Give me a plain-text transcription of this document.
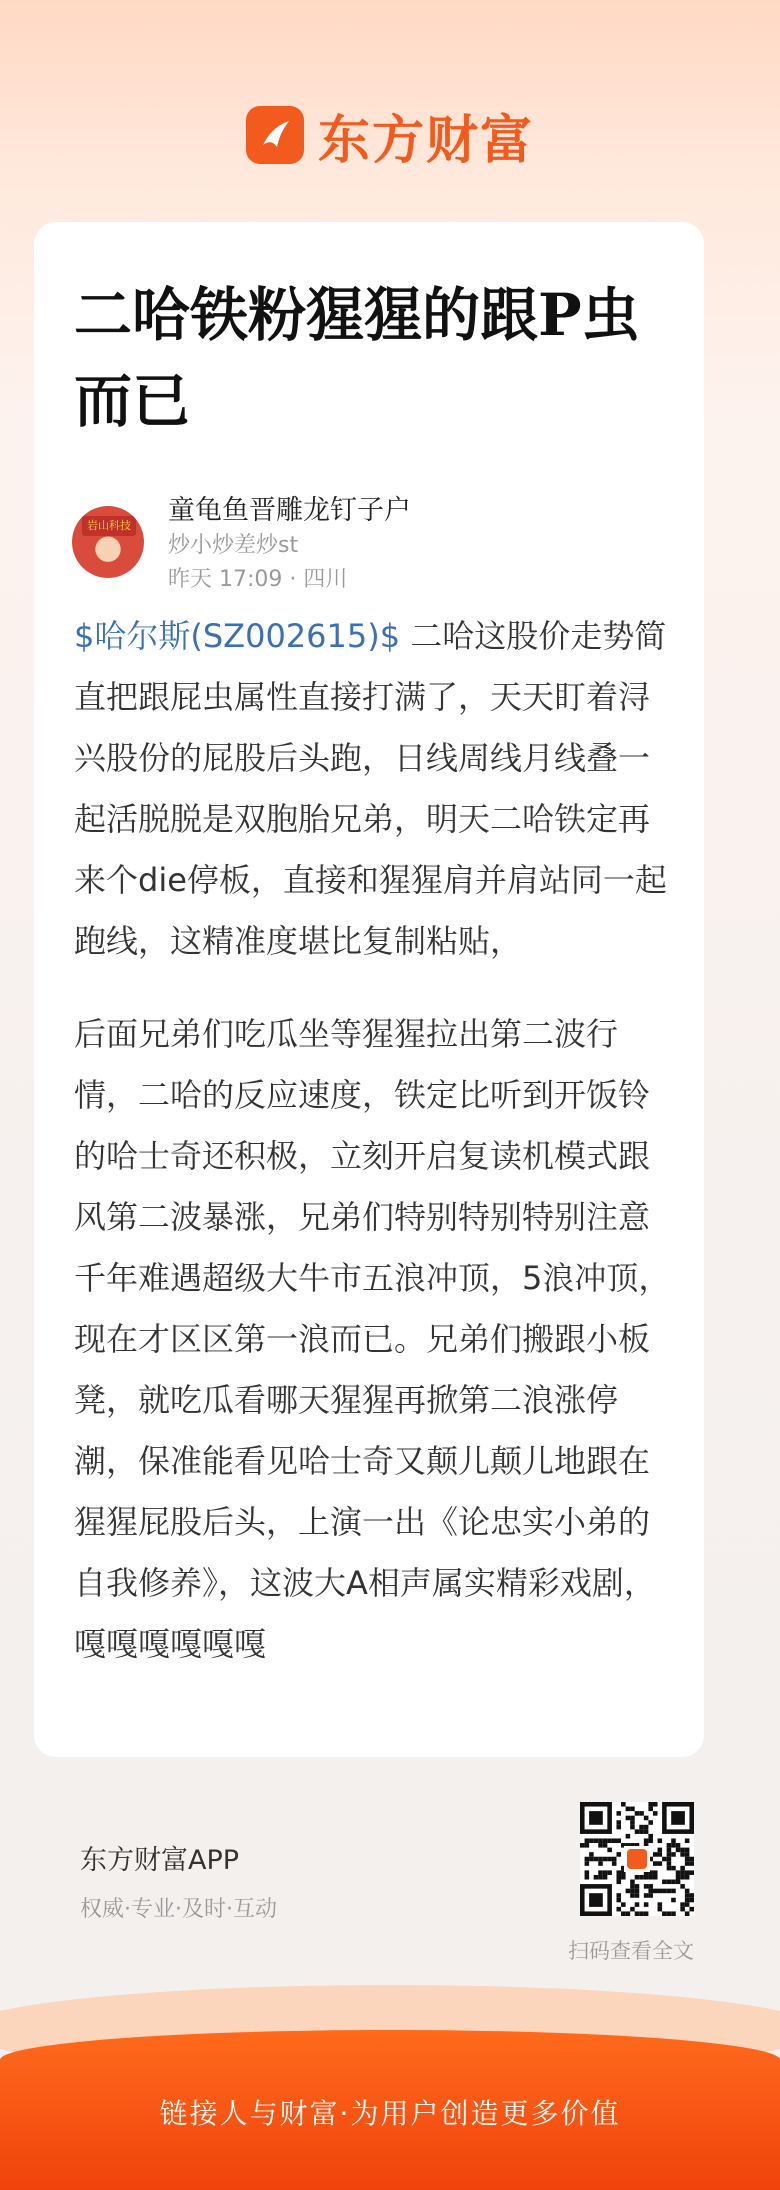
东方财富
二哈铁粉猩猩的跟P虫而已
岩山科技 童龟鱼晋雕龙钉子户
炒小炒差炒st
昨天 17:09 · 四川

$哈尔斯(SZ002615)$ 二哈这股价走势简直把跟屁虫属性直接打满了，天天盯着浔兴股份的屁股后头跑，日线周线月线叠一起活脱脱是双胞胎兄弟，明天二哈铁定再来个die停板，直接和猩猩肩并肩站同一起跑线，这精准度堪比复制粘贴，

后面兄弟们吃瓜坐等猩猩拉出第二波行情，二哈的反应速度，铁定比听到开饭铃的哈士奇还积极，立刻开启复读机模式跟风第二波暴涨，兄弟们特别特别特别注意千年难遇超级大牛市五浪冲顶，5浪冲顶，现在才区区第一浪而已。兄弟们搬跟小板凳，就吃瓜看哪天猩猩再掀第二浪涨停潮，保准能看见哈士奇又颠儿颠儿地跟在猩猩屁股后头，上演一出《论忠实小弟的自我修养》，这波大A相声属实精彩戏剧，嘎嘎嘎嘎嘎嘎

东方财富APP
权威·专业·及时·互动
扫码查看全文
链接人与财富·为用户创造更多价值
